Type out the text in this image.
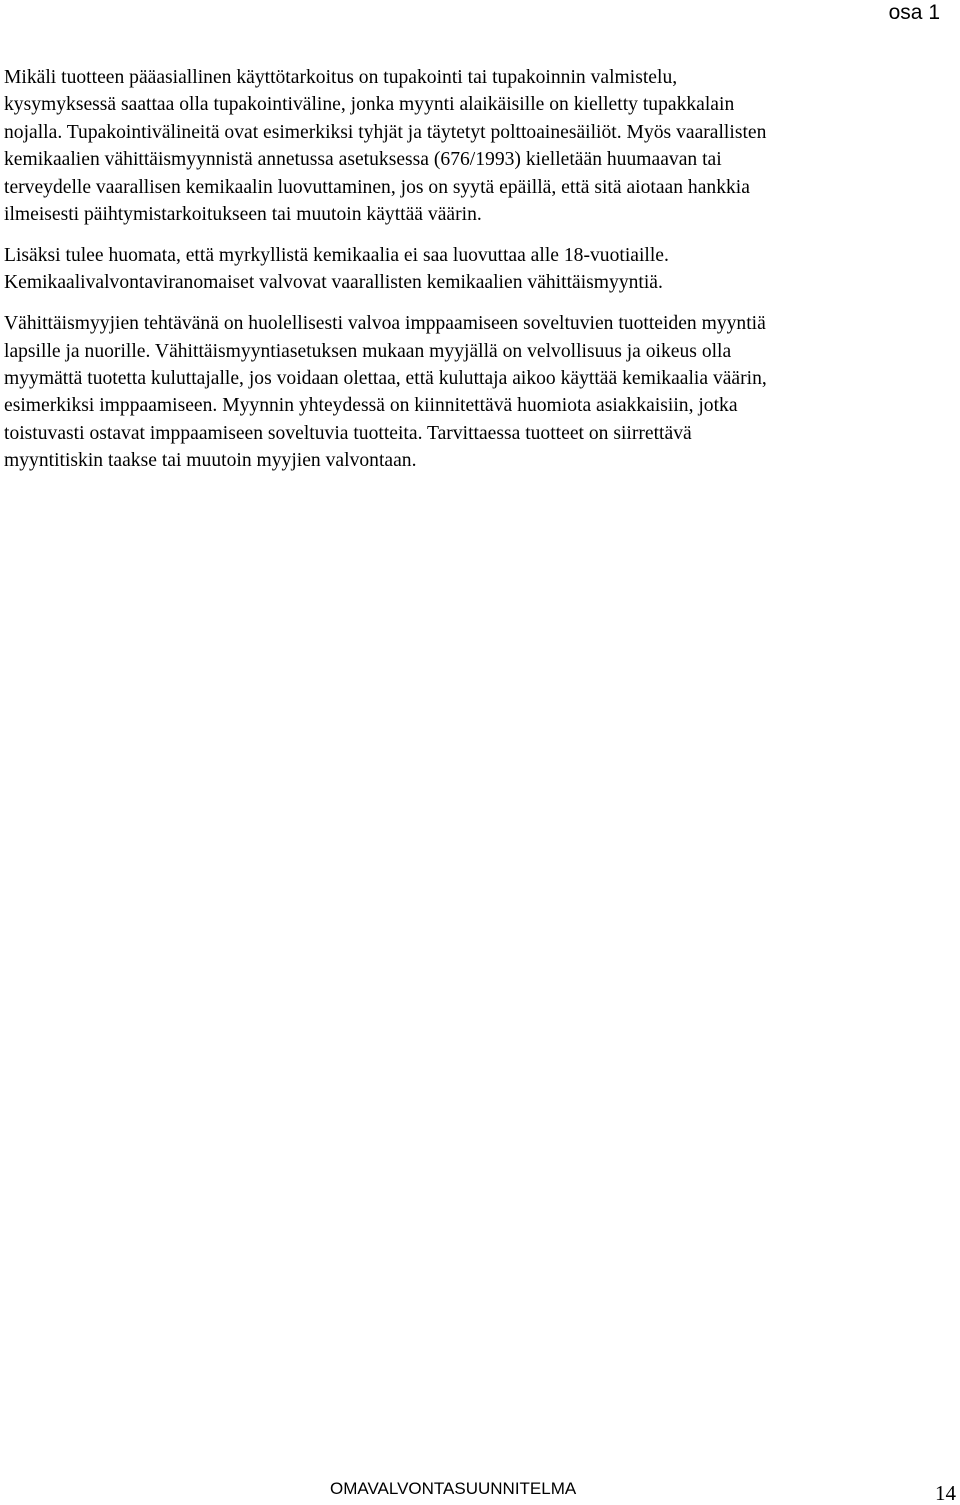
osa 1

Mikäli tuotteen pääasiallinen käyttötarkoitus on tupakointi tai tupakoinnin valmistelu,
kysymyksessä saattaa olla tupakointiväline, jonka myynti alaikäisille on kielletty tupakkalain
nojalla. Tupakointivälineitä ovat esimerkiksi tyhjät ja täytetyt polttoainesäiliöt. Myös vaarallisten
kemikaalien vähittäismyynnistä annetussa asetuksessa (676/1993) kielletään huumaavan tai
terveydelle vaarallisen kemikaalin luovuttaminen, jos on syytä epäillä, että sitä aiotaan hankkia
ilmeisesti päihtymistarkoitukseen tai muutoin käyttää väärin.

Lisäksi tulee huomata, että myrkyllistä kemikaalia ei saa luovuttaa alle 18-vuotiaille.
Kemikaalivalvontaviranomaiset valvovat vaarallisten kemikaalien vähittäismyyntiä.

Vähittäismyyjien tehtävänä on huolellisesti valvoa imppaamiseen soveltuvien tuotteiden myyntiä
lapsille ja nuorille. Vähittäismyyntiasetuksen mukaan myyjällä on velvollisuus ja oikeus olla
myymättä tuotetta kuluttajalle, jos voidaan olettaa, että kuluttaja aikoo käyttää kemikaalia väärin,
esimerkiksi imppaamiseen. Myynnin yhteydessä on kiinnitettävä huomiota asiakkaisiin, jotka
toistuvasti ostavat imppaamiseen soveltuvia tuotteita. Tarvittaessa tuotteet on siirrettävä
myyntitiskin taakse tai muutoin myyjien valvontaan.

OMAVALVONTASUUNNITELMA	14
